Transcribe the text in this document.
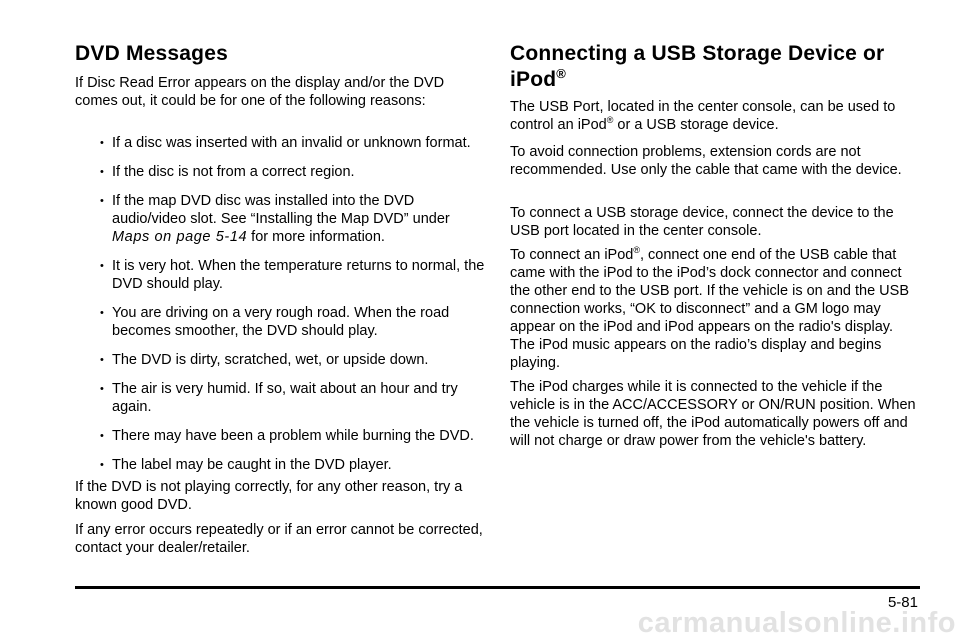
DVD Messages

If Disc Read Error appears on the display and/or the DVD comes out, it could be for one of the following reasons:

• If a disc was inserted with an invalid or unknown format.
• If the disc is not from a correct region.
• If the map DVD disc was installed into the DVD audio/video slot. See “Installing the Map DVD” under Maps on page 5-14 for more information.
• It is very hot. When the temperature returns to normal, the DVD should play.
• You are driving on a very rough road. When the road becomes smoother, the DVD should play.
• The DVD is dirty, scratched, wet, or upside down.
• The air is very humid. If so, wait about an hour and try again.
• There may have been a problem while burning the DVD.
• The label may be caught in the DVD player.

If the DVD is not playing correctly, for any other reason, try a known good DVD.

If any error occurs repeatedly or if an error cannot be corrected, contact your dealer/retailer.

Connecting a USB Storage Device or iPod®

The USB Port, located in the center console, can be used to control an iPod® or a USB storage device.

To avoid connection problems, extension cords are not recommended. Use only the cable that came with the device.

To connect a USB storage device, connect the device to the USB port located in the center console.

To connect an iPod®, connect one end of the USB cable that came with the iPod to the iPod’s dock connector and connect the other end to the USB port. If the vehicle is on and the USB connection works, “OK to disconnect” and a GM logo may appear on the iPod and iPod appears on the radio's display. The iPod music appears on the radio’s display and begins playing.

The iPod charges while it is connected to the vehicle if the vehicle is in the ACC/ACCESSORY or ON/RUN position. When the vehicle is turned off, the iPod automatically powers off and will not charge or draw power from the vehicle's battery.

5-81
carmanualsonline.info
